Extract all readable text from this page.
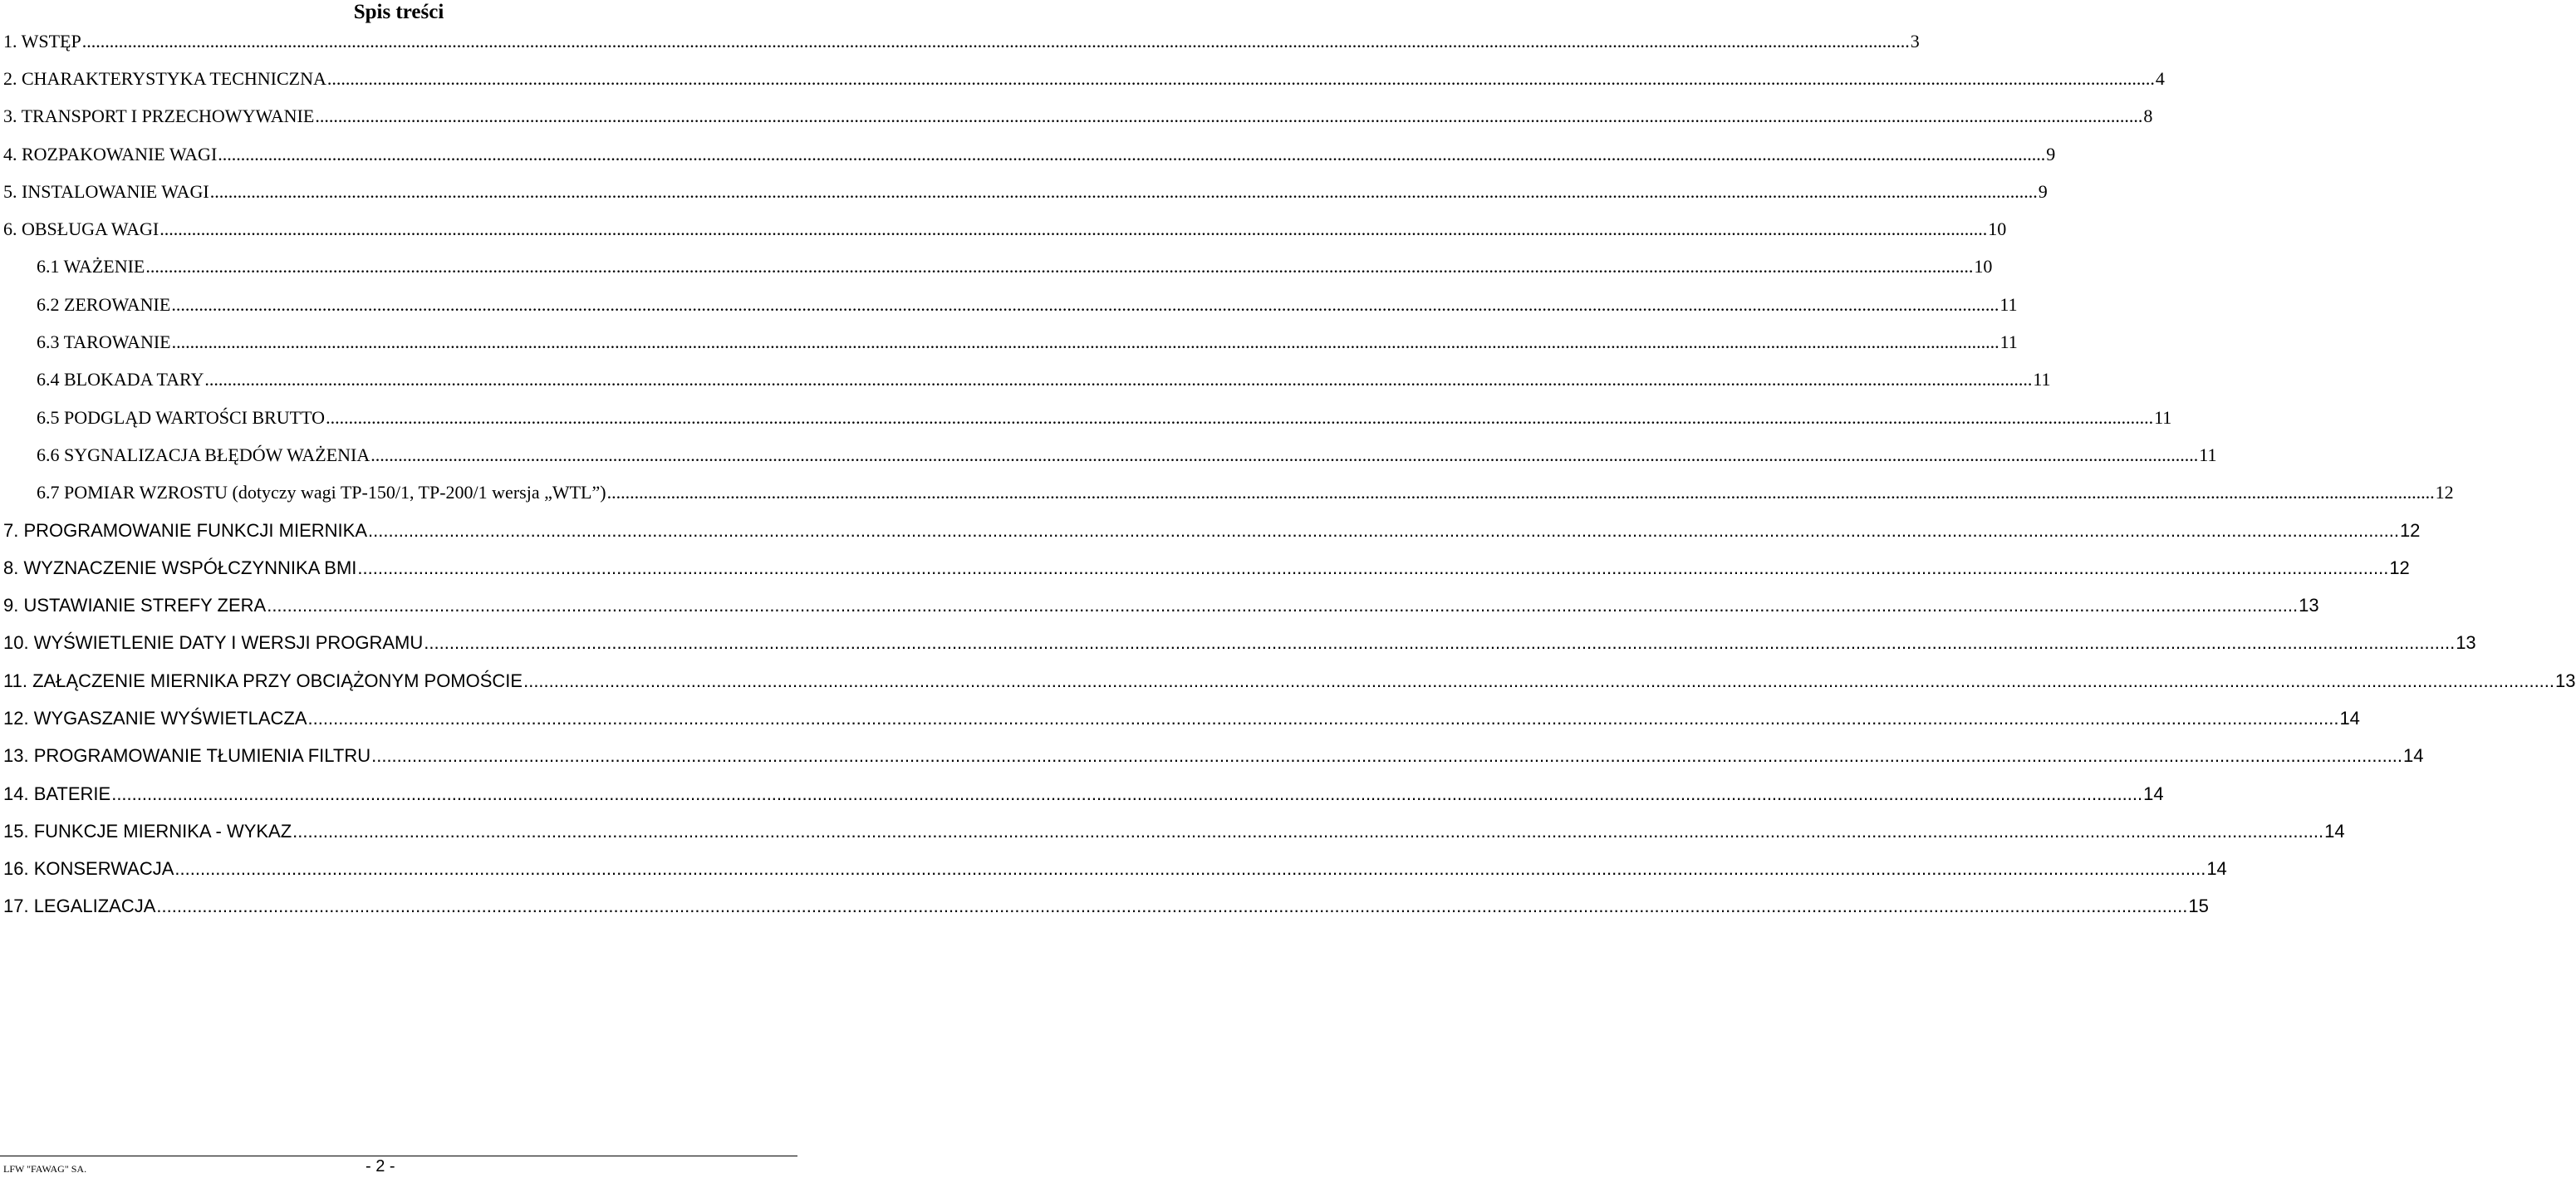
Spis treści
1. WSTĘP ................................................................................................................................................................................................................................................................................................................................................................................................................ 3
2. CHARAKTERYSTYKA TECHNICZNA ................................................................................................................................................................................................................................................................................................................................................................................................................ 4
3. TRANSPORT I PRZECHOWYWANIE ................................................................................................................................................................................................................................................................................................................................................................................................................ 8
4. ROZPAKOWANIE WAGI ................................................................................................................................................................................................................................................................................................................................................................................................................ 9
5. INSTALOWANIE WAGI ................................................................................................................................................................................................................................................................................................................................................................................................................ 9
6. OBSŁUGA WAGI ................................................................................................................................................................................................................................................................................................................................................................................................................ 10
6.1 WAŻENIE ................................................................................................................................................................................................................................................................................................................................................................................................................ 10
6.2 ZEROWANIE ................................................................................................................................................................................................................................................................................................................................................................................................................ 11
6.3 TAROWANIE ................................................................................................................................................................................................................................................................................................................................................................................................................ 11
6.4 BLOKADA TARY ................................................................................................................................................................................................................................................................................................................................................................................................................ 11
6.5 PODGLĄD WARTOŚCI BRUTTO ................................................................................................................................................................................................................................................................................................................................................................................................................ 11
6.6 SYGNALIZACJA BŁĘDÓW WAŻENIA ................................................................................................................................................................................................................................................................................................................................................................................................................ 11
6.7 POMIAR WZROSTU (dotyczy wagi TP-150/1, TP-200/1 wersja „WTL”) ................................................................................................................................................................................................................................................................................................................................................................................................................ 12
7. PROGRAMOWANIE FUNKCJI MIERNIKA ................................................................................................................................................................................................................................................................................................................................................................................................................ 12
8. WYZNACZENIE WSPÓŁCZYNNIKA BMI ................................................................................................................................................................................................................................................................................................................................................................................................................ 12
9. USTAWIANIE STREFY ZERA ................................................................................................................................................................................................................................................................................................................................................................................................................ 13
10. WYŚWIETLENIE DATY I WERSJI PROGRAMU ................................................................................................................................................................................................................................................................................................................................................................................................................ 13
11. ZAŁĄCZENIE MIERNIKA PRZY OBCIĄŻONYM POMOŚCIE ................................................................................................................................................................................................................................................................................................................................................................................................................ 13
12. WYGASZANIE WYŚWIETLACZA ................................................................................................................................................................................................................................................................................................................................................................................................................ 14
13. PROGRAMOWANIE TŁUMIENIA FILTRU ................................................................................................................................................................................................................................................................................................................................................................................................................ 14
14. BATERIE ................................................................................................................................................................................................................................................................................................................................................................................................................ 14
15. FUNKCJE MIERNIKA - WYKAZ ................................................................................................................................................................................................................................................................................................................................................................................................................ 14
16. KONSERWACJA ................................................................................................................................................................................................................................................................................................................................................................................................................ 14
17. LEGALIZACJA ................................................................................................................................................................................................................................................................................................................................................................................................................ 15
LFW "FAWAG" SA.	- 2 -
